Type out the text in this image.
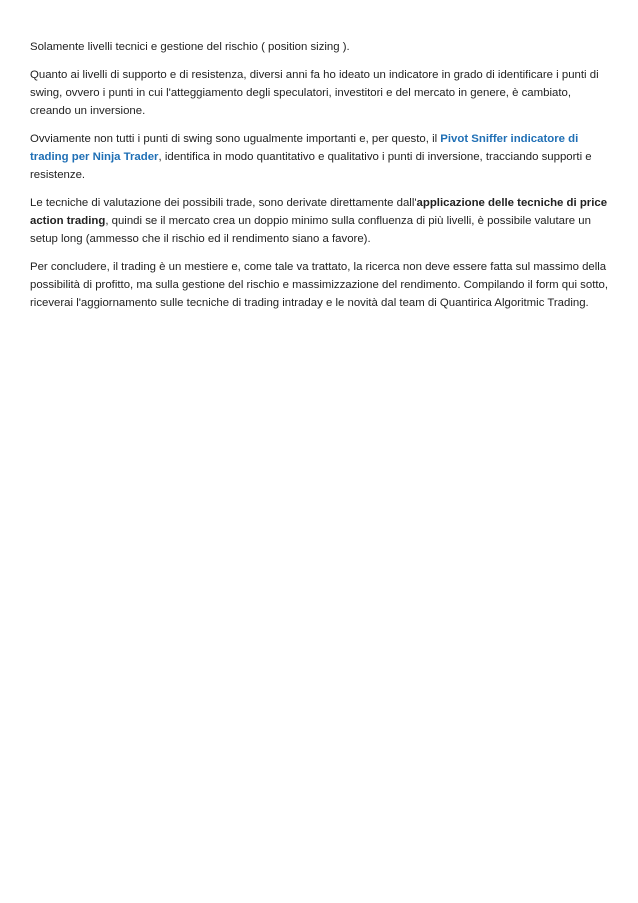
Solamente livelli tecnici e gestione del rischio ( position sizing ).

Quanto ai livelli di supporto e di resistenza, diversi anni fa ho ideato un indicatore in grado di identificare i punti di swing, ovvero i punti in cui l'atteggiamento degli speculatori, investitori e del mercato in genere, è cambiato, creando un inversione.

Ovviamente non tutti i punti di swing sono ugualmente importanti e, per questo, il Pivot Sniffer indicatore di trading per Ninja Trader, identifica in modo quantitativo e qualitativo i punti di inversione, tracciando supporti e resistenze.

Le tecniche di valutazione dei possibili trade, sono derivate direttamente dall'applicazione delle tecniche di price action trading, quindi se il mercato crea un doppio minimo sulla confluenza di più livelli, è possibile valutare un setup long (ammesso che il rischio ed il rendimento siano a favore).

Per concludere, il trading è un mestiere e, come tale va trattato, la ricerca non deve essere fatta sul massimo della possibilità di profitto, ma sulla gestione del rischio e massimizzazione del rendimento. Compilando il form qui sotto, riceverai l'aggiornamento sulle tecniche di trading intraday e le novità dal team di Quantirica Algoritmic Trading.
